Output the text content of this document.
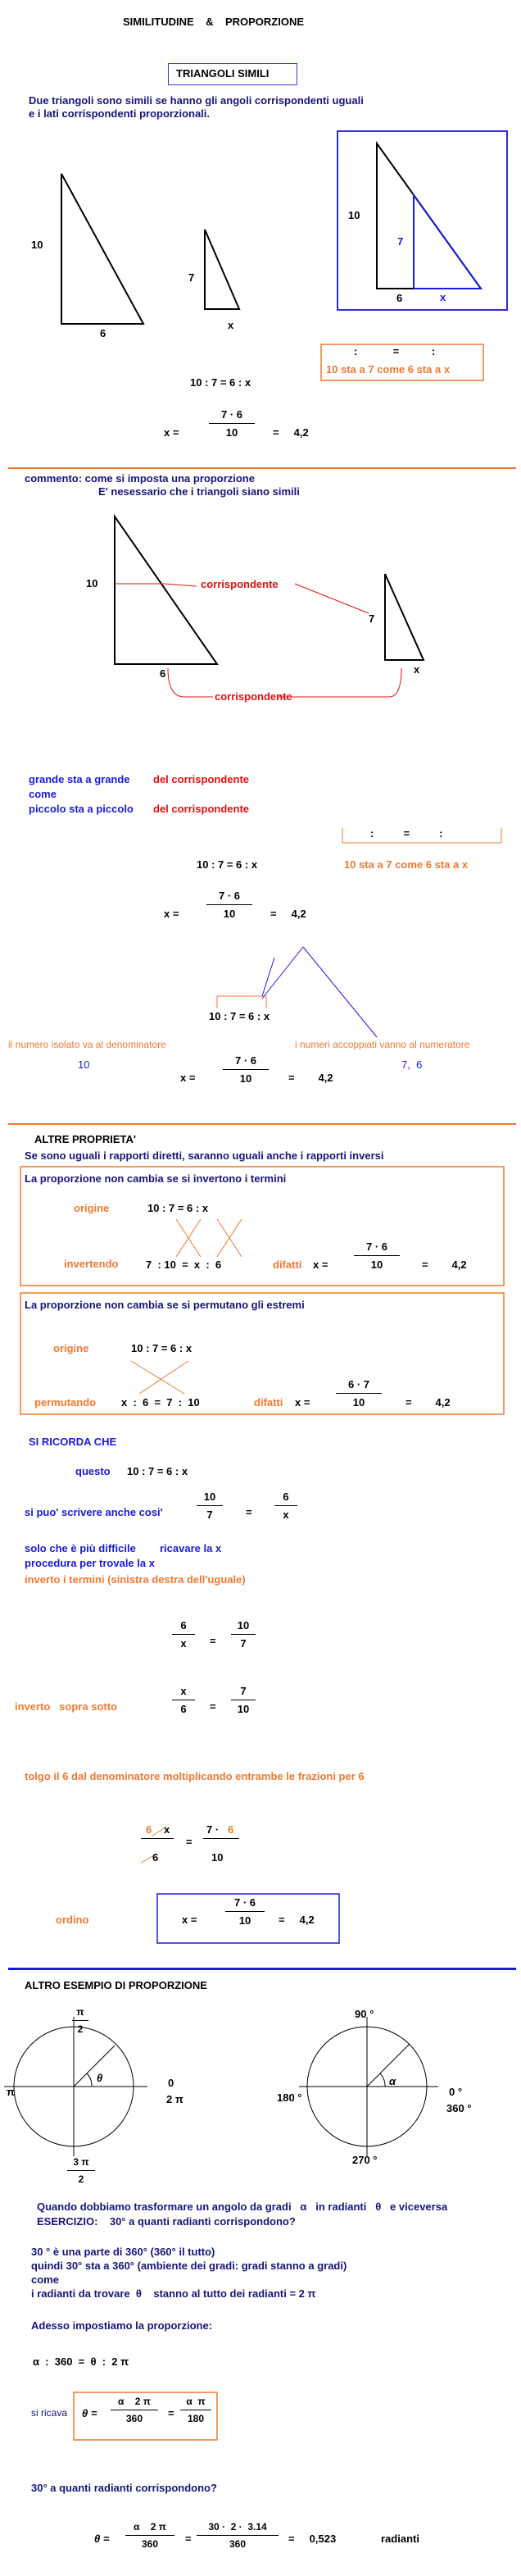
SIMILITUDINE    &    PROPORZIONE
TRIANGOLI SIMILI
Due triangoli sono simili se hanno gli angoli corrispondenti uguali
e i lati corrispondenti proporzionali.
10
6
7
x
10
7
6	x
:            =           :
10 sta a 7 come 6 sta a x
10 : 7 = 6 : x
x =
7 · 6
10	=     4,2
commento: come si imposta una proporzione
E' nesessario che i triangoli siano simili
10
6
corrispondente
7
x
corrispondente
grande sta a grande del corrispondente
come
piccolo sta a piccolo del corrispondente
:          =          :
10 sta a 7 come 6 sta a x
10 : 7 = 6 : x
x =
7 · 6
10	=     4,2
10 : 7 = 6 : x
il numero isolato va al denominatore
10
i numeri accoppiati vanno al numeratore
7,  6
x =
7 · 6
10	=        4,2
ALTRE PROPRIETA'
Se sono uguali i rapporti diretti, saranno uguali anche i rapporti inversi
La proporzione non cambia se si invertono i termini
origine	10 : 7 = 6 : x
invertendo	7  : 10  =  x  :  6	difatti x =
7 · 6
10	=        4,2
La proporzione non cambia se si permutano gli estremi
origine	10 : 7 = 6 : x
permutando x  :  6  =  7  :  10	difatti x =
6 · 7
10	=        4,2
SI RICORDA CHE
questo 10 : 7 = 6 : x
si puo' scrivere anche cosi'
10
7	=
6
x
solo che è più difficile ricavare la x
procedura per trovale la x
inverto i termini (sinistra destra dell'uguale)
6
x	=
10
7
inverto   sopra sotto
x
6	=
7
10
tolgo il 6 dal denominatore moltiplicando entrambe le frazioni per 6
6 x
6
=
7 · 6
10
ordino	x =
7 · 6
10	=     4,2
ALTRO ESEMPIO DI PROPORZIONE
π
2
π
0
2 π
θ
3 π
2
90 °
180 °	0 °
360 °
270 °
α
Quando dobbiamo trasformare un angolo da gradi   α   in radianti   θ   e viceversa
ESERCIZIO:    30° a quanti radianti corrispondono?
30 ° è una parte di 360° (360° il tutto)
quindi 30° sta a 360° (ambiente dei gradi: gradi stanno a gradi)
come
i radianti da trovare  θ    stanno al tutto dei radianti = 2 π
Adesso impostiamo la proporzione:
α  :  360  =  θ  :  2 π
si ricava θ =
α    2 π
360	=
α  π
180
30° a quanti radianti corrispondono?
θ =
α    2 π
360	=
30 ·  2 ·  3.14
360	=     0,523	radianti
